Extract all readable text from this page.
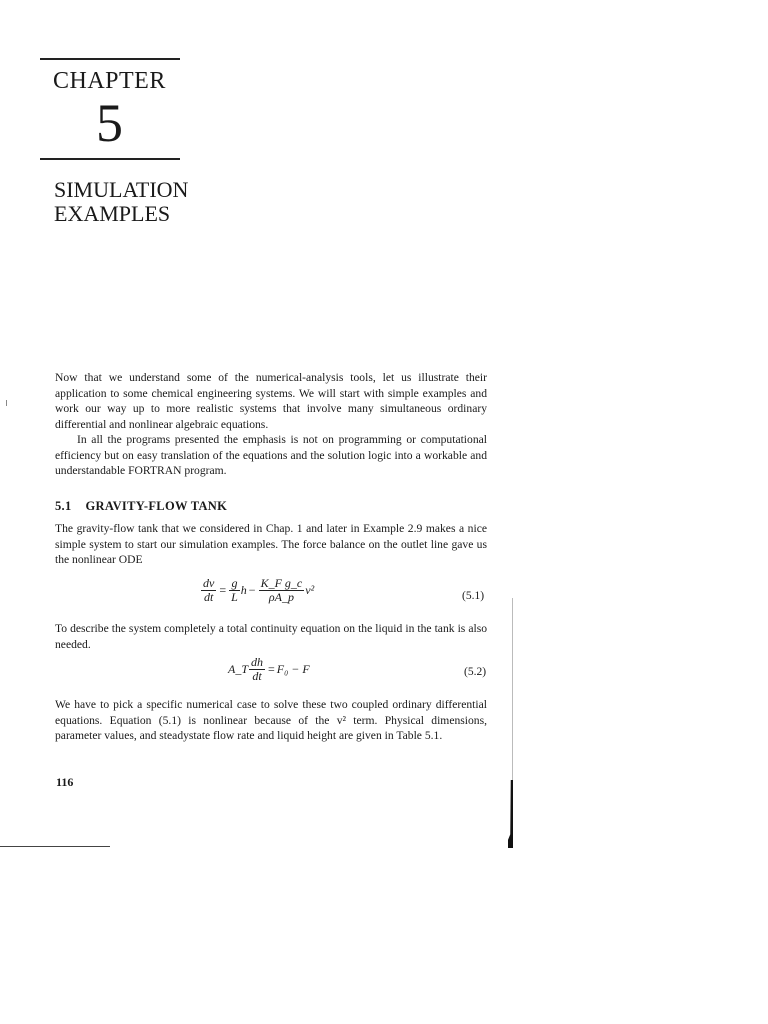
CHAPTER
5
SIMULATION
EXAMPLES

Now that we understand some of the numerical-analysis tools, let us illustrate their application to some chemical engineering systems. We will start with simple examples and work our way up to more realistic systems that involve many simultaneous ordinary differential and nonlinear algebraic equations.

In all the programs presented the emphasis is not on programming or computational efficiency but on easy translation of the equations and the solution logic into a workable and understandable FORTRAN program.

5.1 GRAVITY-FLOW TANK

The gravity-flow tank that we considered in Chap. 1 and later in Example 2.9 makes a nice simple system to start our simulation examples. The force balance on the outlet line gave us the nonlinear ODE

$\frac{dv}{dt} = \frac{g}{L}$ $h - \frac{\text{K\_F g\_c}}{\rho A\_p} v^2$	(5.1)

To describe the system completely a total continuity equation on the liquid in the tank is also needed.

A_T $\frac{dh}{dt} = F_0 - F$	(5.2)

We have to pick a specific numerical case to solve these two coupled ordinary differential equations. Equation (5.1) is nonlinear because of the v² term. Physical dimensions, parameter values, and steadystate flow rate and liquid height are given in Table 5.1.

116
